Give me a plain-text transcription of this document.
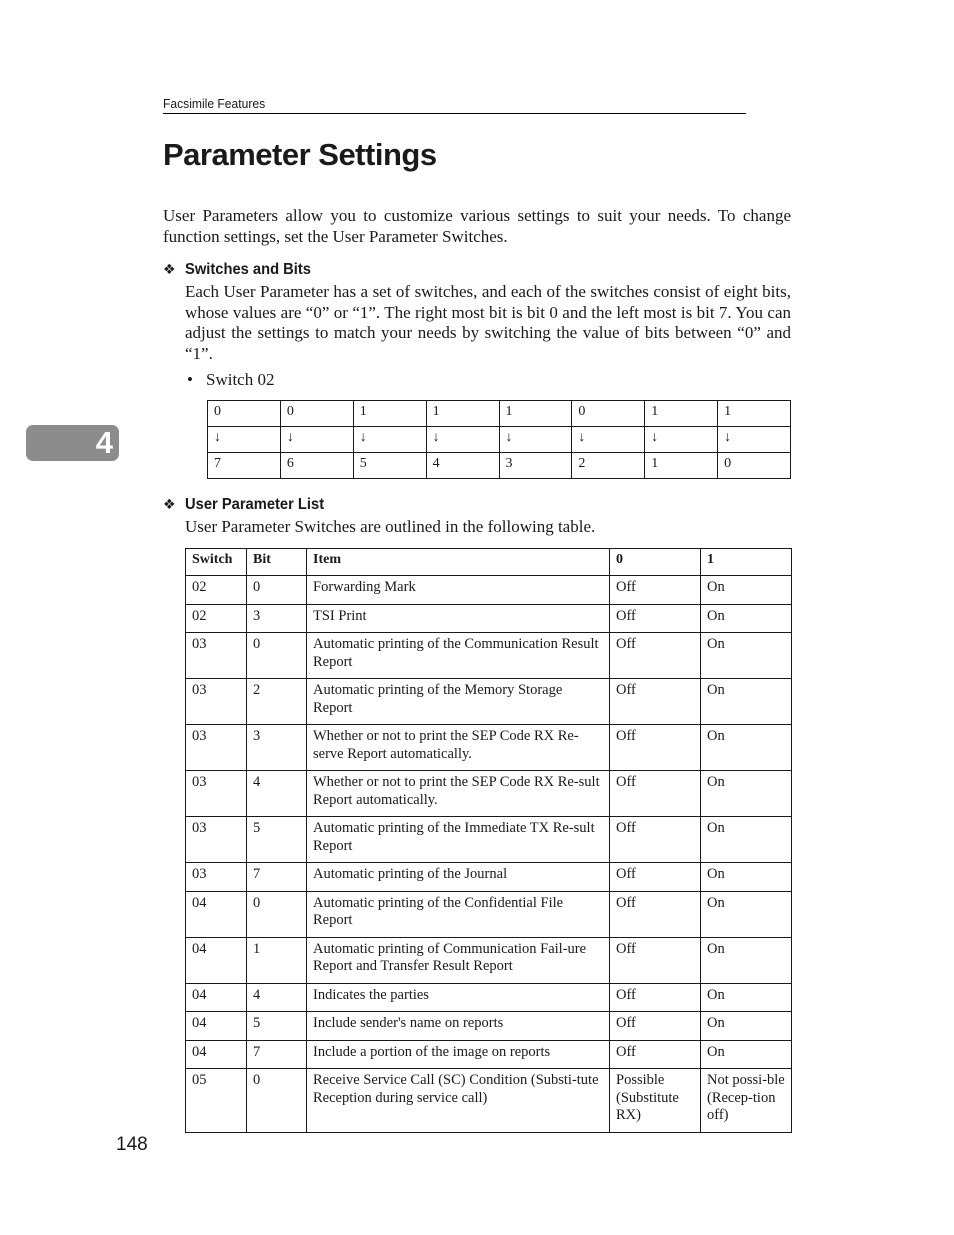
Facsimile Features
Parameter Settings

User Parameters allow you to customize various settings to suit your needs. To change function settings, set the User Parameter Switches.

❖ Switches and Bits

Each User Parameter has a set of switches, and each of the switches consist of eight bits, whose values are “0” or “1”. The right most bit is bit 0 and the left most is bit 7. You can adjust the settings to match your needs by switching the value of bits between “0” and “1”.

• Switch 02
0	0	1	1	1	0	1	1
↓	↓	↓	↓	↓	↓	↓	↓
7	6	5	4	3	2	1	0
4
❖ User Parameter List

User Parameter Switches are outlined in the following table.

Switch	Bit	Item	0	1
02	0	Forwarding Mark	Off	On
02	3	TSI Print	Off	On
03	0	Automatic printing of the Communication Result Report	Off	On
03	2	Automatic printing of the Memory Storage Report	Off	On
03	3	Whether or not to print the SEP Code RX Re-serve Report automatically.	Off	On
03	4	Whether or not to print the SEP Code RX Re-sult Report automatically.	Off	On
03	5	Automatic printing of the Immediate TX Re-sult Report	Off	On
03	7	Automatic printing of the Journal	Off	On
04	0	Automatic printing of the Confidential File Report	Off	On
04	1	Automatic printing of Communication Fail-ure Report and Transfer Result Report	Off	On
04	4	Indicates the parties	Off	On
04	5	Include sender's name on reports	Off	On
04	7	Include a portion of the image on reports	Off	On
05	0	Receive Service Call (SC) Condition (Substi-tute Reception during service call)	Possible (Substitute RX)	Not possi-ble (Recep-tion off)
148
